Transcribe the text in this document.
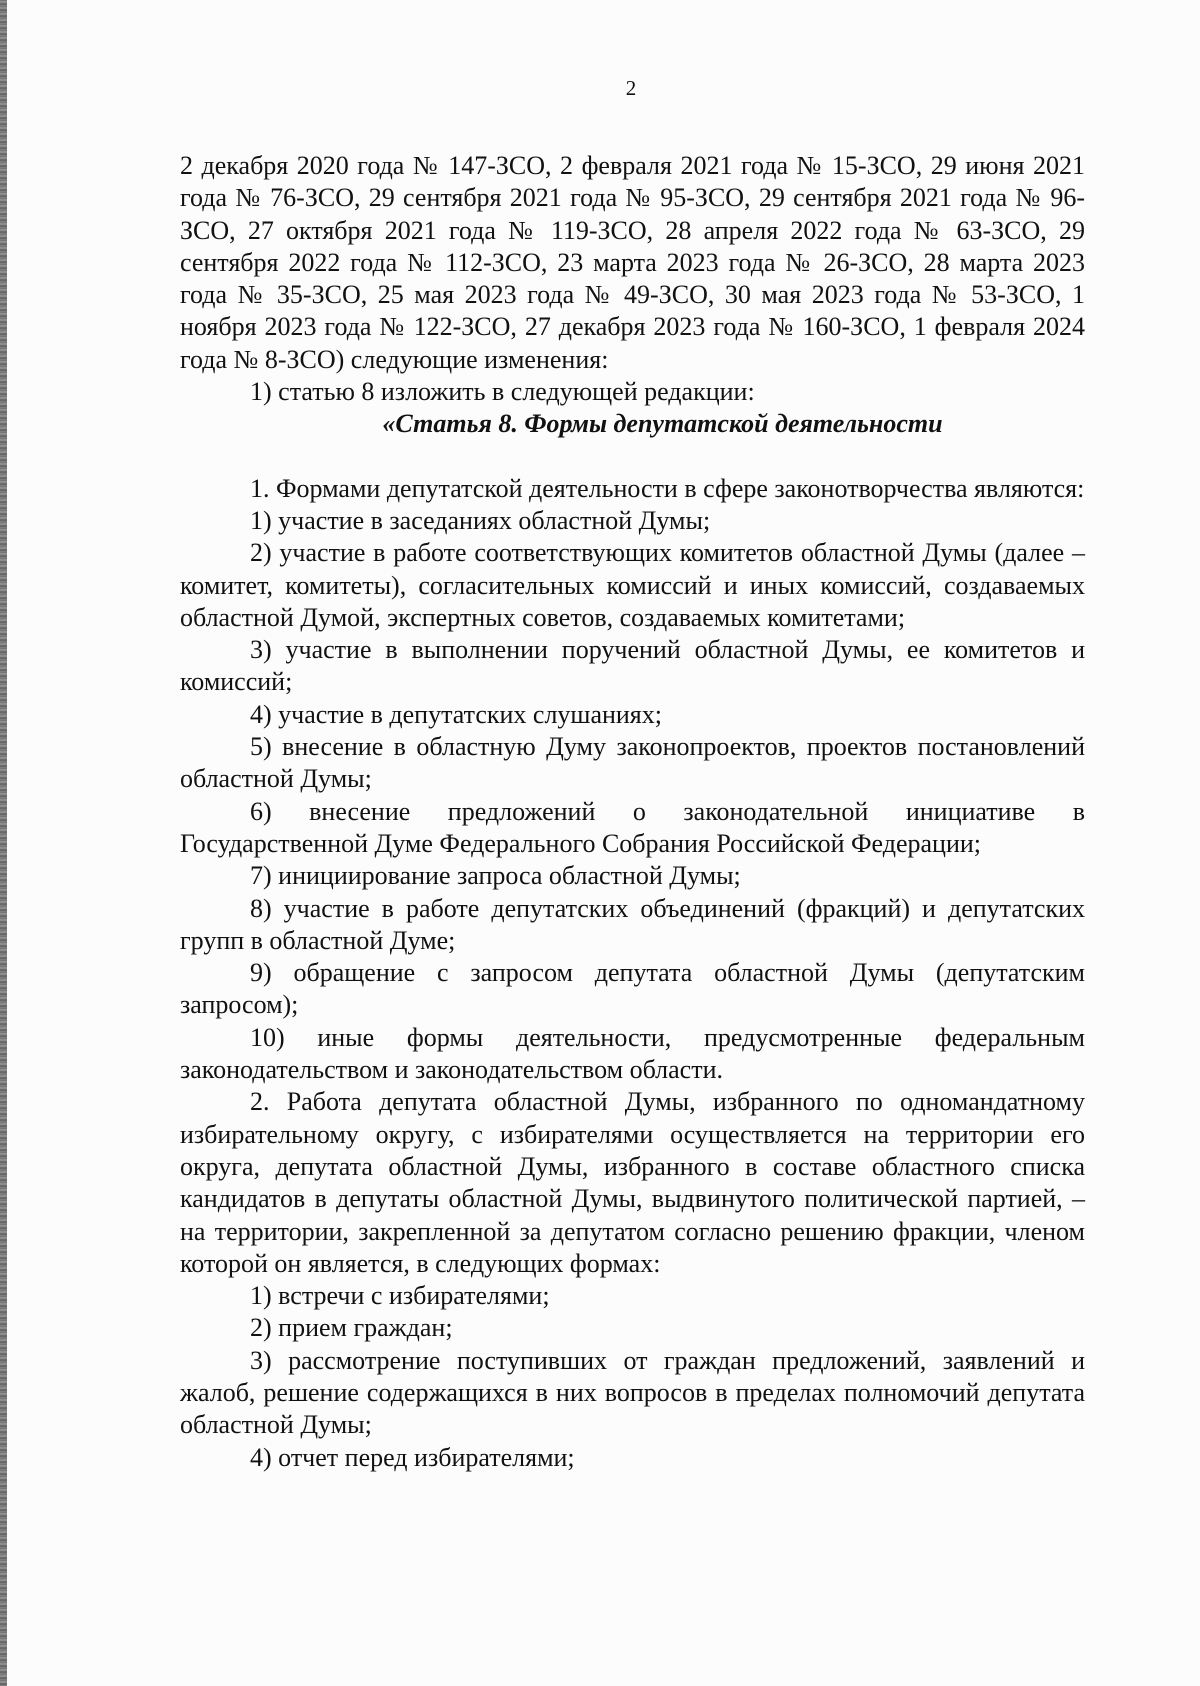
2

2 декабря 2020 года № 147-ЗСО, 2 февраля 2021 года № 15-ЗСО, 29 июня 2021 года № 76-ЗСО, 29 сентября 2021 года № 95-ЗСО, 29 сентября 2021 года № 96-ЗСО, 27 октября 2021 года № 119-ЗСО, 28 апреля 2022 года № 63-ЗСО, 29 сентября 2022 года № 112-ЗСО, 23 марта 2023 года № 26-ЗСО, 28 марта 2023 года № 35-ЗСО, 25 мая 2023 года № 49-ЗСО, 30 мая 2023 года № 53-ЗСО, 1 ноября 2023 года № 122-ЗСО, 27 декабря 2023 года № 160-ЗСО, 1 февраля 2024 года № 8-ЗСО) следующие изменения:

1) статью 8 изложить в следующей редакции:

«Статья 8. Формы депутатской деятельности

1. Формами депутатской деятельности в сфере законотворчества являются:

1) участие в заседаниях областной Думы;

2) участие в работе соответствующих комитетов областной Думы (далее – комитет, комитеты), согласительных комиссий и иных комиссий, создаваемых областной Думой, экспертных советов, создаваемых комитетами;

3) участие в выполнении поручений областной Думы, ее комитетов и комиссий;

4) участие в депутатских слушаниях;

5) внесение в областную Думу законопроектов, проектов постановлений областной Думы;

6) внесение предложений о законодательной инициативе в Государственной Думе Федерального Собрания Российской Федерации;

7) инициирование запроса областной Думы;

8) участие в работе депутатских объединений (фракций) и депутатских групп в областной Думе;

9) обращение с запросом депутата областной Думы (депутатским запросом);

10) иные формы деятельности, предусмотренные федеральным законодательством и законодательством области.

2. Работа депутата областной Думы, избранного по одномандатному избирательному округу, с избирателями осуществляется на территории его округа, депутата областной Думы, избранного в составе областного списка кандидатов в депутаты областной Думы, выдвинутого политической партией, – на территории, закрепленной за депутатом согласно решению фракции, членом которой он является, в следующих формах:

1) встречи с избирателями;

2) прием граждан;

3) рассмотрение поступивших от граждан предложений, заявлений и жалоб, решение содержащихся в них вопросов в пределах полномочий депутата областной Думы;

4) отчет перед избирателями;
